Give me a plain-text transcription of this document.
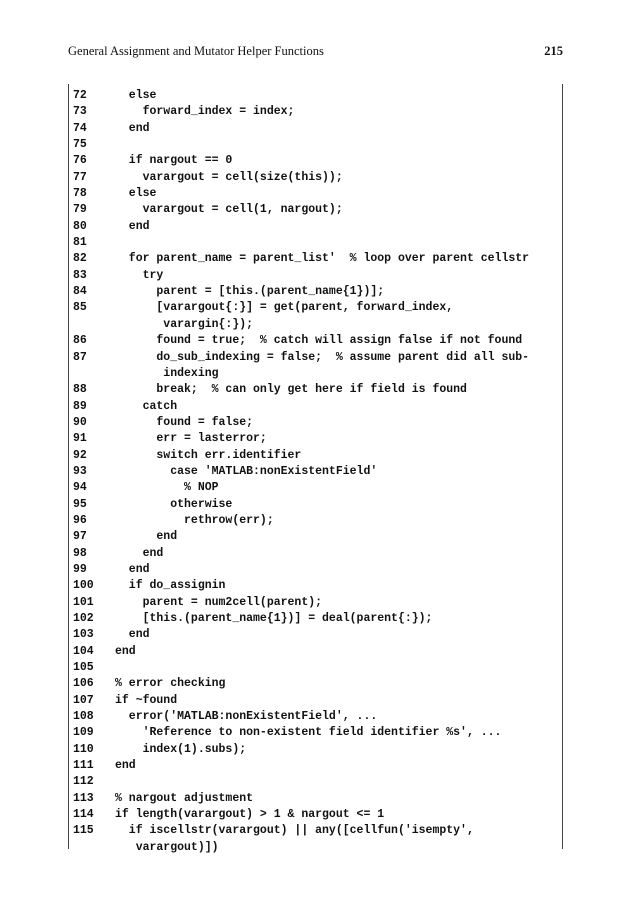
General Assignment and Mutator Helper Functions	215
72	else
73	forward_index = index;
74	end
75
76	if nargout == 0
77	varargout = cell(size(this));
78	else
79	varargout = cell(1, nargout);
80	end
81
82	for parent_name = parent_list'  % loop over parent cellstr
83	try
84	parent = [this.(parent_name{1})];
85	[varargout{:}] = get(parent, forward_index,
varargin{:});
86	found = true;  % catch will assign false if not found
87	do_sub_indexing = false;  % assume parent did all sub-
indexing
88	break;  % can only get here if field is found
89	catch
90	found = false;
91	err = lasterror;
92	switch err.identifier
93	case 'MATLAB:nonExistentField'
94	% NOP
95	otherwise
96	rethrow(err);
97	end
98	end
99	end
100	if do_assignin
101	parent = num2cell(parent);
102	[this.(parent_name{1})] = deal(parent{:});
103	end
104	end
105
106	% error checking
107	if ~found
108	error('MATLAB:nonExistentField', ...
109	'Reference to non-existent field identifier %s', ...
110	index(1).subs);
111	end
112
113	% nargout adjustment
114	if length(varargout) > 1 & nargout <= 1
115	if iscellstr(varargout) || any([cellfun('isempty',
varargout)])
